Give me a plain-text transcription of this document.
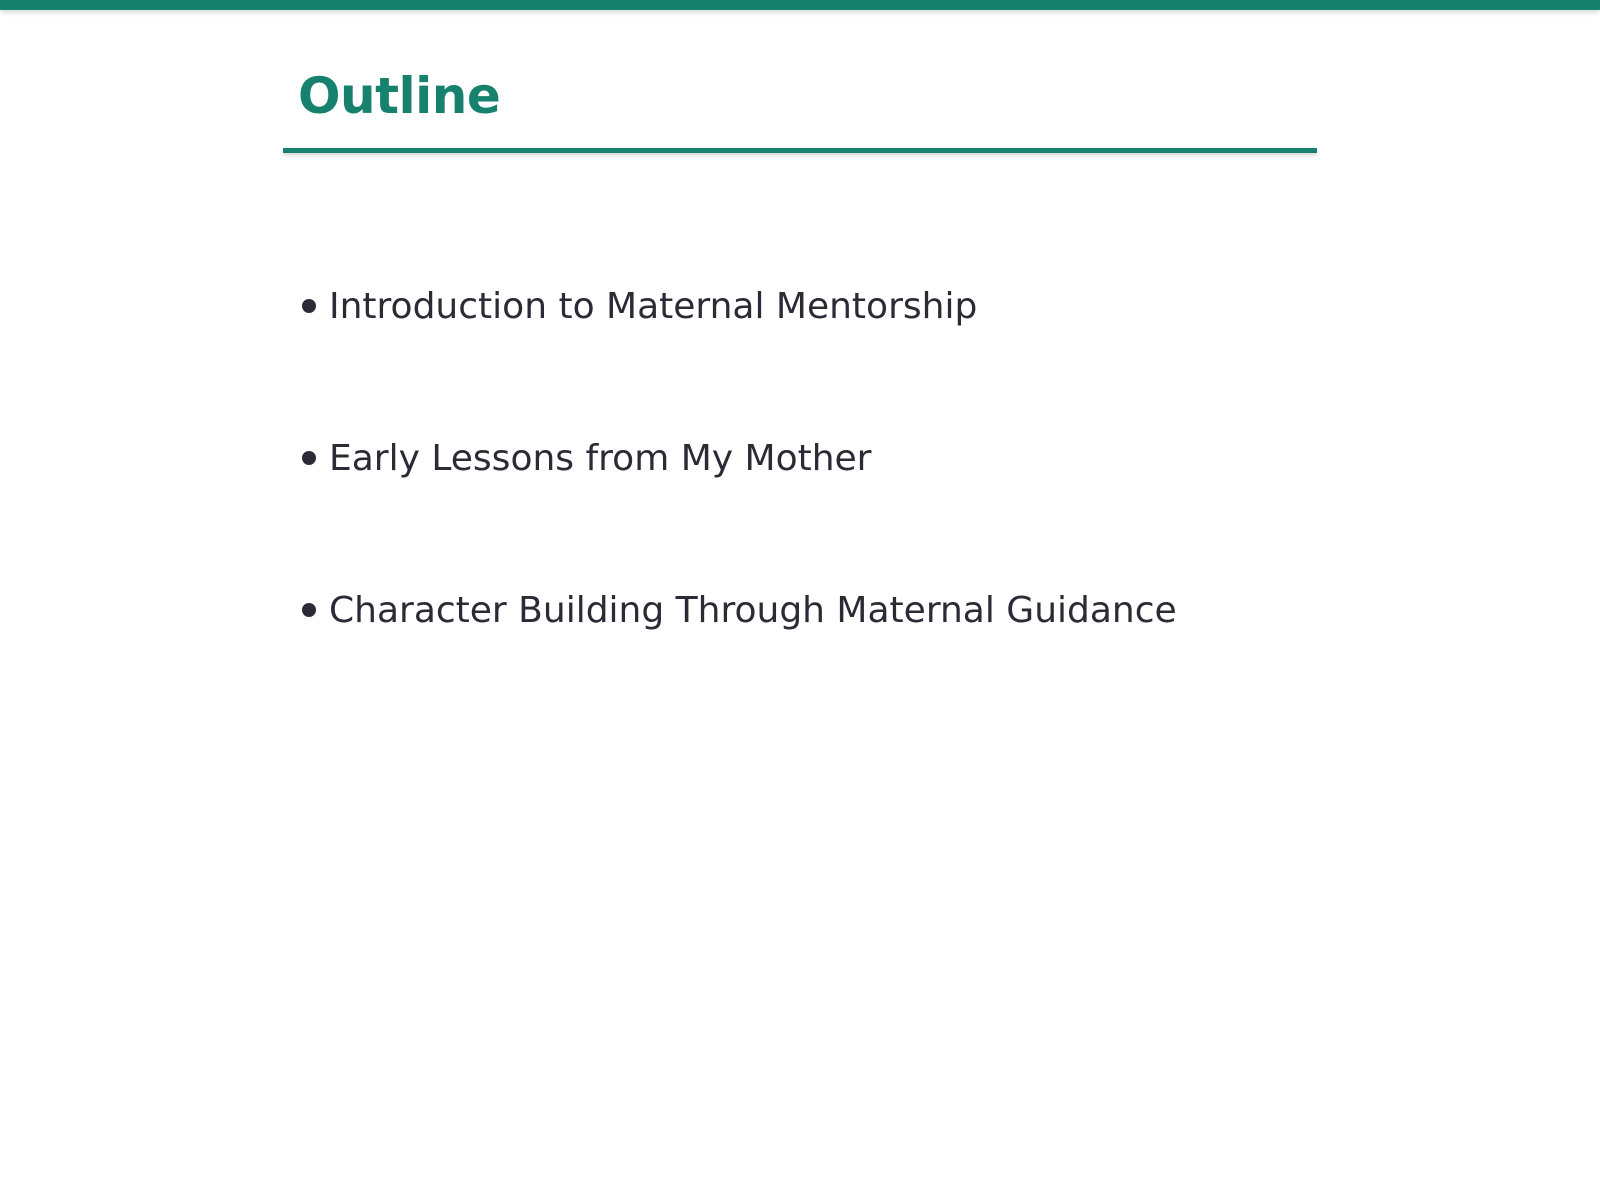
Outline
Introduction to Maternal Mentorship
Early Lessons from My Mother
Character Building Through Maternal Guidance
